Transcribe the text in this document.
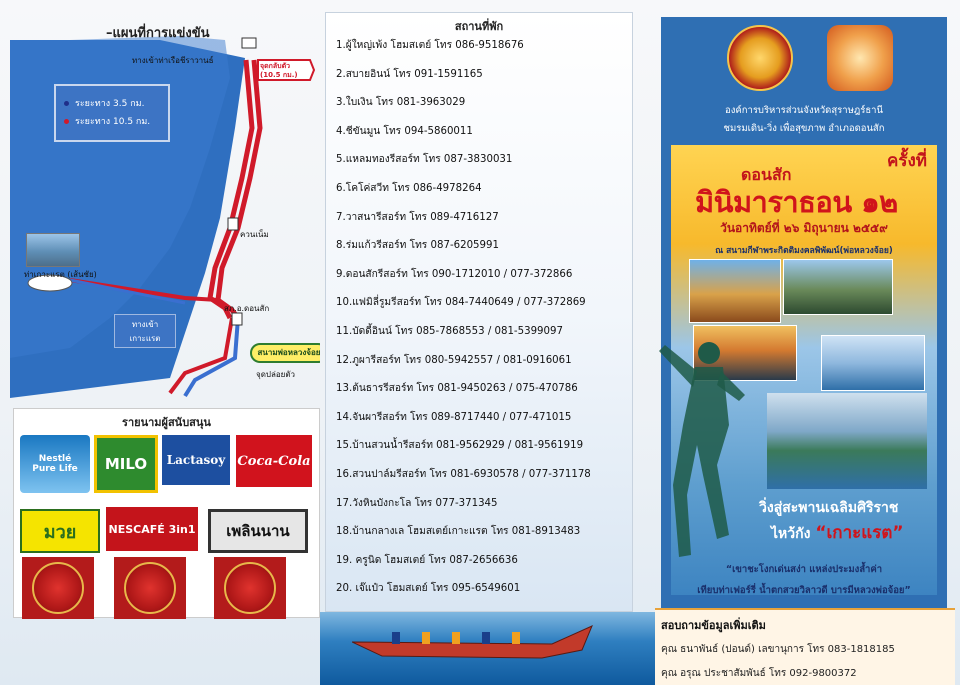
–แผนที่การแข่งขัน
ทางเข้าท่าเรือชีราวานธ์
จุดกลับตัว
(10.5 กม.)
ระยะทาง 3.5 กม.
ระยะทาง 10.5 กม.
ท่าเกาะแรต (เส้นชัย)
ทางเข้า
เกาะแรต
ควนเน็ม
สภ.อ.ดอนสัก
สนามพ่อหลวงจ้อย
จุดปล่อยตัว
รายนามผู้สนับสนุน
Nestlé
Pure Life	MILO	Lactasoy Coca-Cola
มวย	NESCAFÉ 3in1	เพลินนาน
สถานที่พัก
1.ผู้ใหญ่เพ้ง โฮมสเตย์ โทร 086-9518676
2.สบายอินน์ โทร 091-1591165
3.ใบเงิน โทร 081-3963029
4.ชีขันมูน โทร 094-5860011
5.แหลมทองรีสอร์ท โทร 087-3830031
6.โคโค่สวีท โทร 086-4978264
7.วาสนารีสอร์ท โทร 089-4716127
8.ร่มแก้วรีสอร์ท โทร 087-6205991
9.ดอนสักรีสอร์ท โทร 090-1712010 / 077-372866
10.แฟมิลี่รูมรีสอร์ท โทร 084-7440649 / 077-372869
11.บัดดี้อินน์ โทร 085-7868553 / 081-5399097
12.ภูผารีสอร์ท โทร 080-5942557 / 081-0916061
13.ต้นธารรีสอร์ท โทร 081-9450263 / 075-470786
14.จันผารีสอร์ท โทร 089-8717440 / 077-471015
15.บ้านสวนน้ำรีสอร์ท 081-9562929 / 081-9561919
16.สวนปาล์มรีสอร์ท โทร 081-6930578 / 077-371178
17.วังหินบังกะโล โทร 077-371345
18.บ้านกลางเล โฮมสเตย์เกาะแรต โทร 081-8913483
19. ครูนิด โฮมสเตย์ โทร 087-2656636
20. เจ๊แป๋ว โฮมสเตย์ โทร 095-6549601
องค์การบริหารส่วนจังหวัดสุราษฎร์ธานี
ชมรมเดิน-วิ่ง เพื่อสุขภาพ อำเภอดอนสัก
ครั้งที่
ดอนสัก
มินิมาราธอน ๑๒
วันอาทิตย์ที่ ๒๖ มิถุนายน ๒๕๕๙
ณ สนามกีฬาพระกิตติมงคลพิพัฒน์(พ่อหลวงจ้อย)
วิ่งสู่สะพานเฉลิมศิริราช
ไหว้กัง “เกาะแรต”
“เขาชะโงกเด่นสง่า แหล่งประมงล้ำค่า
เทียบท่าเฟอร์รี่ น้ำตกสวยวิลาวดี บารมีหลวงพ่อจ้อย”
สอบถามข้อมูลเพิ่มเติม
คุณ ธนาพันธ์ (ปอนด์) เลขานุการ โทร 083-1818185
คุณ อรุณ ประชาสัมพันธ์ โทร 092-9800372
